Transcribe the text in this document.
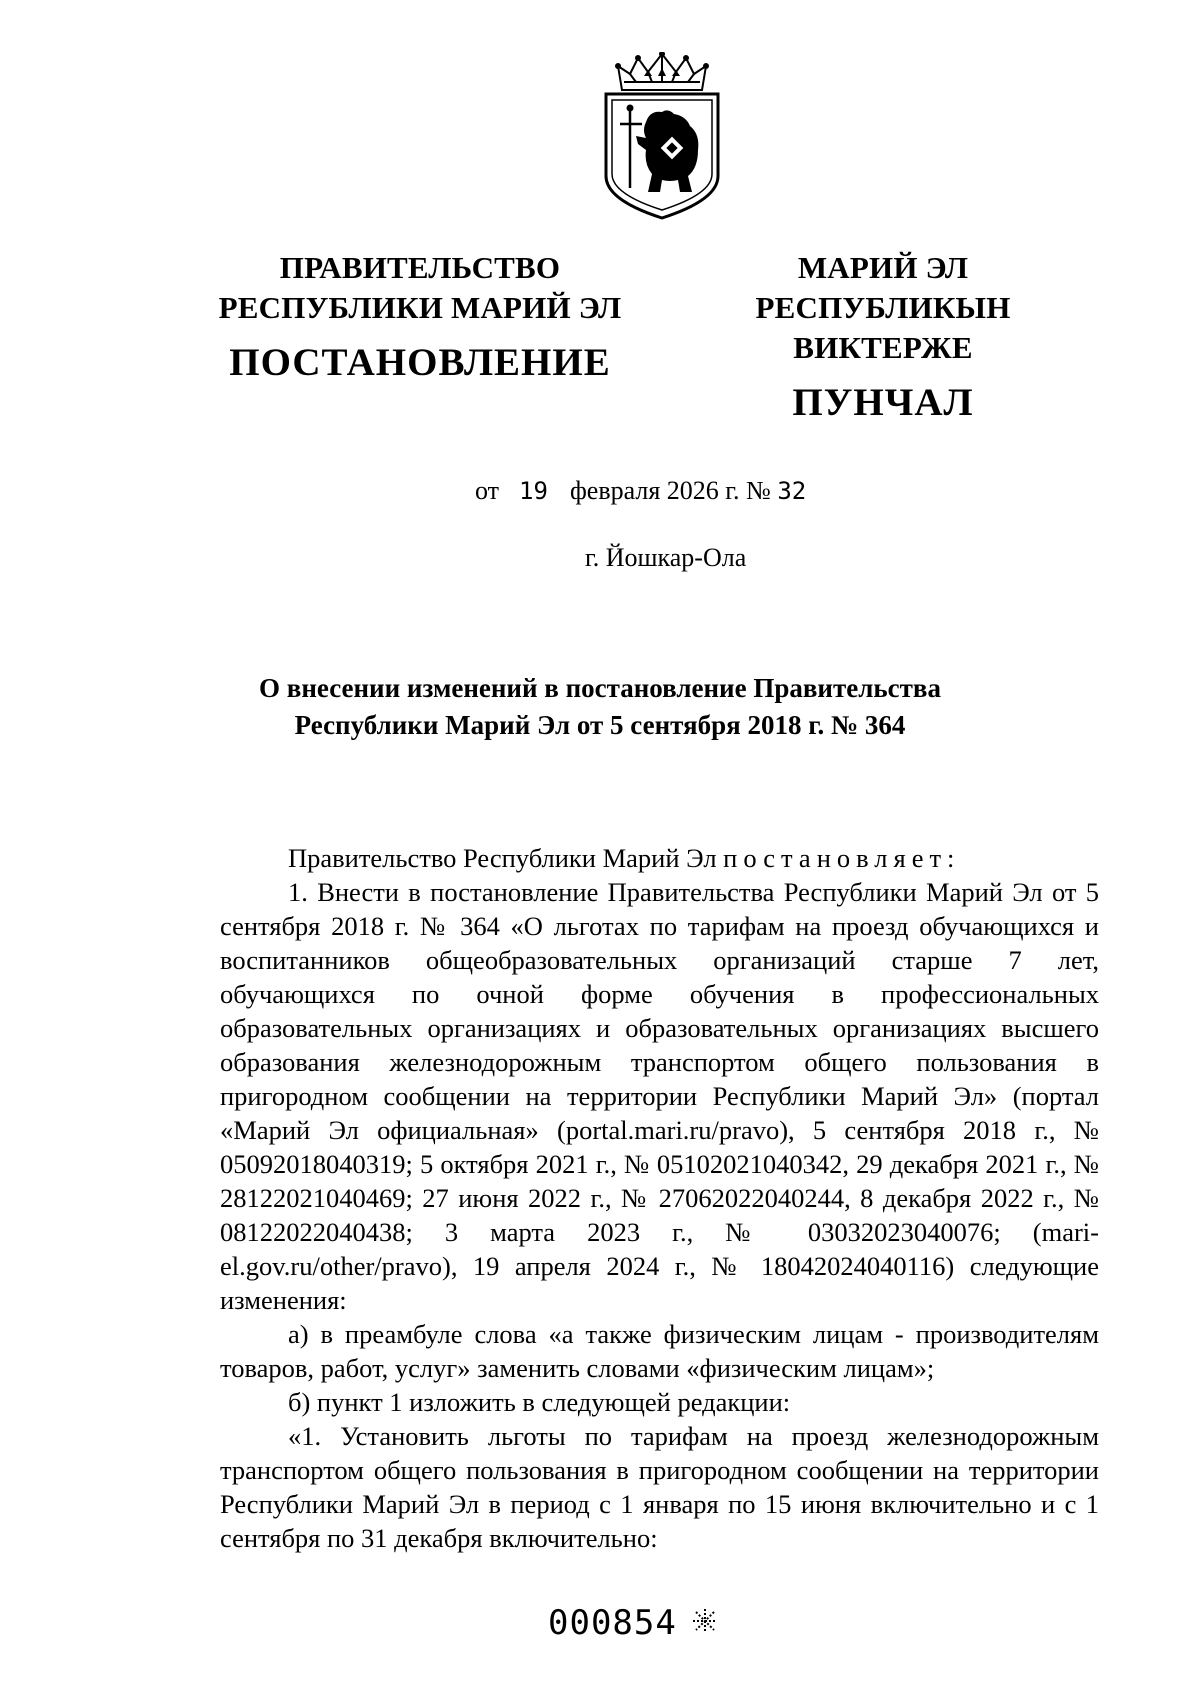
ПРАВИТЕЛЬСТВО
РЕСПУБЛИКИ МАРИЙ ЭЛ
ПОСТАНОВЛЕНИЕ
МАРИЙ ЭЛ РЕСПУБЛИКЫН
ВИКТЕРЖЕ
ПУНЧАЛ
от 19 февраля 2026 г. № 32
г. Йошкар-Ола
О внесении изменений в постановление Правительства
Республики Марий Эл от 5 сентября 2018 г. № 364

Правительство Республики Марий Эл постановляет:

1. Внести в постановление Правительства Республики Марий Эл от 5 сентября 2018 г. № 364 «О льготах по тарифам на проезд обучающихся и воспитанников общеобразовательных организаций старше 7 лет, обучающихся по очной форме обучения в профессиональных образовательных организациях и образовательных организациях высшего образования железнодорожным транспортом общего пользования в пригородном сообщении на территории Республики Марий Эл» (портал «Марий Эл официальная» (portal.mari.ru/pravo), 5 сентября 2018 г., № 05092018040319; 5 октября 2021 г., № 05102021040342, 29 декабря 2021 г., № 28122021040469; 27 июня 2022 г., № 27062022040244, 8 декабря 2022 г., № 08122022040438; 3 марта 2023 г., № 03032023040076; (mari-el.gov.ru/other/pravo), 19 апреля 2024 г., № 18042024040116) следующие изменения:

а) в преамбуле слова «а также физическим лицам - производителям товаров, работ, услуг» заменить словами «физическим лицам»;

б) пункт 1 изложить в следующей редакции:

«1. Установить льготы по тарифам на проезд железнодорожным транспортом общего пользования в пригородном сообщении на территории Республики Марий Эл в период с 1 января по 15 июня включительно и с 1 сентября по 31 декабря включительно:

000854
